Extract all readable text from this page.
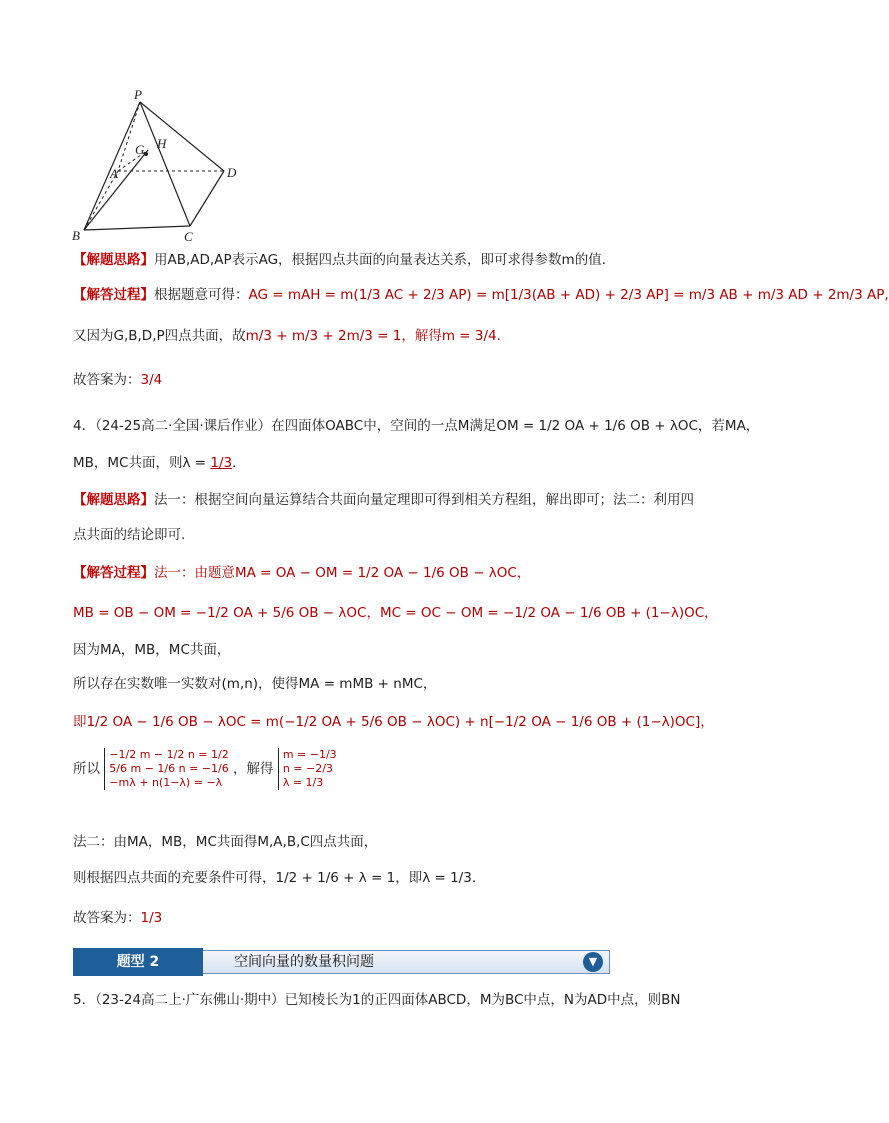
P
G H
A	D
B	C
【解题思路】用AB,AD,AP表示AG，根据四点共面的向量表达关系，即可求得参数m的值.
【解答过程】根据题意可得：AG = mAH = m(1/3 AC + 2/3 AP) = m[1/3(AB + AD) + 2/3 AP] = m/3 AB + m/3 AD + 2m/3 AP,
又因为G,B,D,P四点共面，故m/3 + m/3 + 2m/3 = 1，解得m = 3/4.
故答案为：3/4
4．（24-25高二·全国·课后作业）在四面体OABC中，空间的一点M满足OM = 1/2 OA + 1/6 OB + λOC，若MA，
MB，MC共面，则λ = 1/3.
【解题思路】法一：根据空间向量运算结合共面向量定理即可得到相关方程组，解出即可；法二：利用四
点共面的结论即可.
【解答过程】法一：由题意MA = OA − OM = 1/2 OA − 1/6 OB − λOC，
MB = OB − OM = −1/2 OA + 5/6 OB − λOC，MC = OC − OM = −1/2 OA − 1/6 OB + (1−λ)OC，
因为MA，MB，MC共面，
所以存在实数唯一实数对(m,n)，使得MA = mMB + nMC，
即1/2 OA − 1/6 OB − λOC = m(−1/2 OA + 5/6 OB − λOC) + n[−1/2 OA − 1/6 OB + (1−λ)OC]，
所以
−1/2 m − 1/2 n = 1/2
5/6 m − 1/6 n = −1/6
−mλ + n(1−λ) = −λ
，解得
m = −1/3
n = −2/3
λ = 1/3
法二：由MA，MB，MC共面得M,A,B,C四点共面，
则根据四点共面的充要条件可得，1/2 + 1/6 + λ = 1，即λ = 1/3.
故答案为：1/3
空间向量的数量积问题	▼
题型 2
5．（23-24高二上·广东佛山·期中）已知棱长为1的正四面体ABCD，M为BC中点，N为AD中点，则BN
